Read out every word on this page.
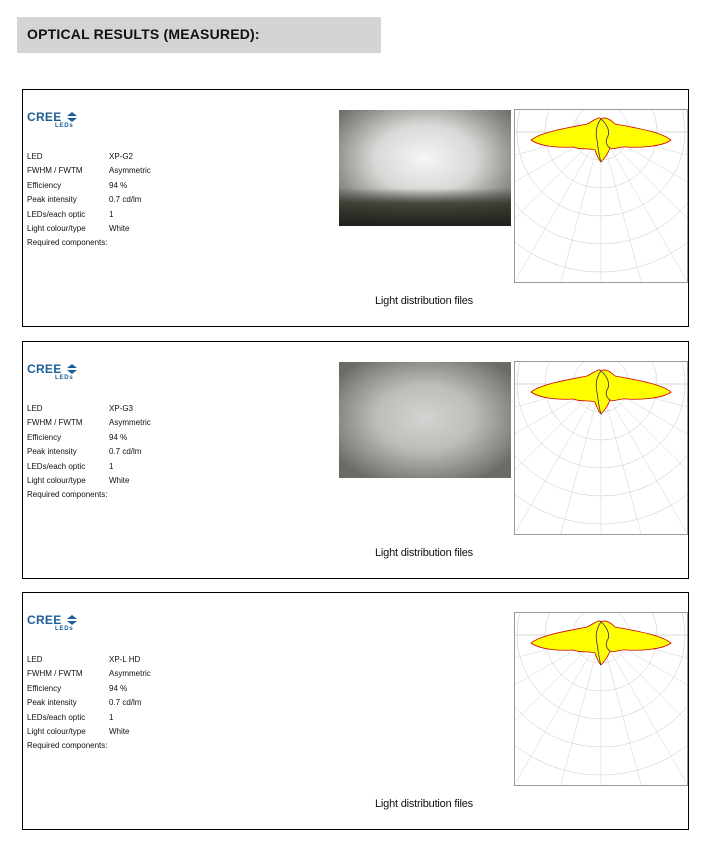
OPTICAL RESULTS (MEASURED):
CREE
LEDs
LED	XP-G2
FWHM / FWTM	Asymmetric
Efficiency	94 %
Peak intensity	0.7 cd/lm
LEDs/each optic	1
Light colour/type	White
Required components:
Light distribution files
CREE
LEDs
LED	XP-G3
FWHM / FWTM	Asymmetric
Efficiency	94 %
Peak intensity	0.7 cd/lm
LEDs/each optic	1
Light colour/type	White
Required components:
Light distribution files
CREE
LEDs
LED	XP-L HD
FWHM / FWTM	Asymmetric
Efficiency	94 %
Peak intensity	0.7 cd/lm
LEDs/each optic	1
Light colour/type	White
Required components:
Light distribution files
